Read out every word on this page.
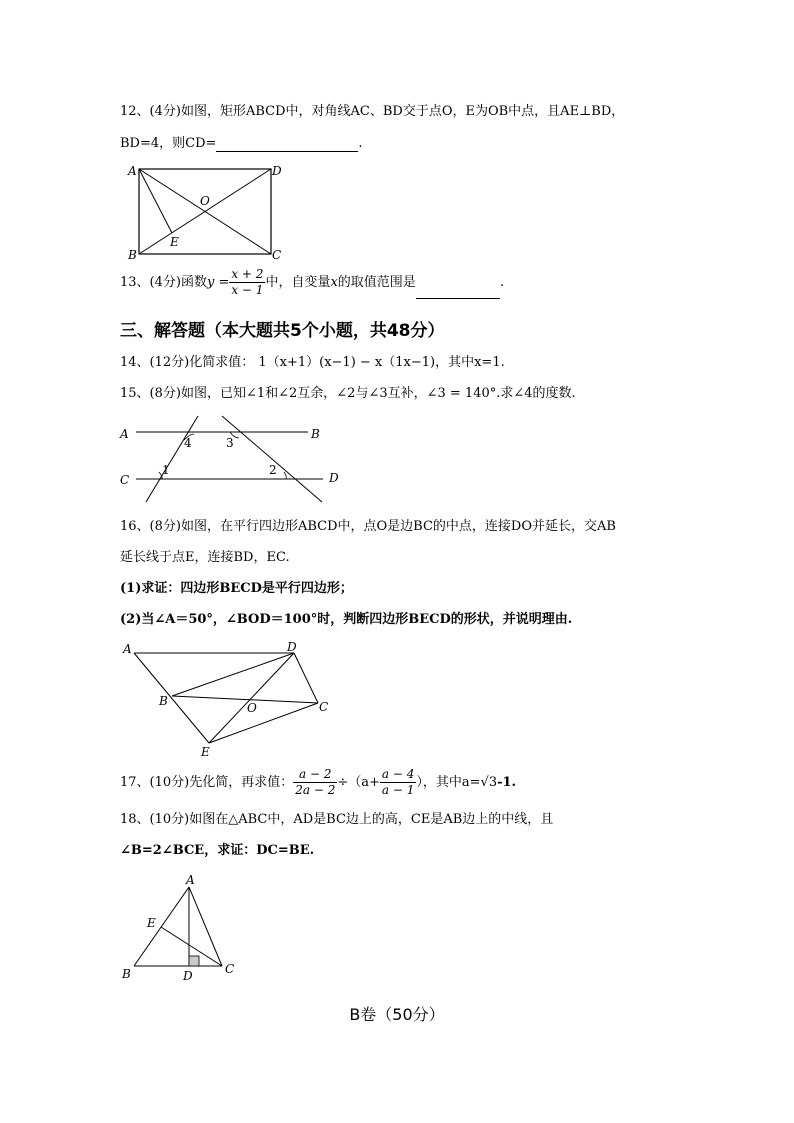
12、(4分)如图，矩形ABCD中，对角线AC、BD交于点O，E为OB中点，且AE⊥BD，
BD=4，则CD=	.
A	D
B	C
O
E
13、(4分)函数$y = \frac{x + 2}{x - 1}$ 中，自变量x的取值范围是	.
三、解答题（本大题共5个小题，共48分）
14、(12分)化简求值： 1（x+1）(x−1) − x（1x−1)，其中x=1.
15、(8分)如图，已知∠1和∠2互余，∠2与∠3互补，∠3 = 140°.求∠4的度数.
A	B
C	D
4	3
1	2
16、(8分)如图，在平行四边形ABCD中，点O是边BC的中点，连接DO并延长，交AB
延长线于点E，连接BD，EC.
(1)求证：四边形BECD是平行四边形；
(2)当∠A＝50°，∠BOD＝100°时，判断四边形BECD的形状，并说明理由.
A	D
B	C
O
E
17、(10分)先化简，再求值： $\frac{a - 2}{2a - 2} \div(a+ \frac{a - 4}{a - 1}$ ），其中a=√3-1.
18、(10分)如图在△ABC中，AD是BC边上的高，CE是AB边上的中线，且
∠B=2∠BCE，求证：DC=BE.
A
E
B	D	C
B卷（50分）
